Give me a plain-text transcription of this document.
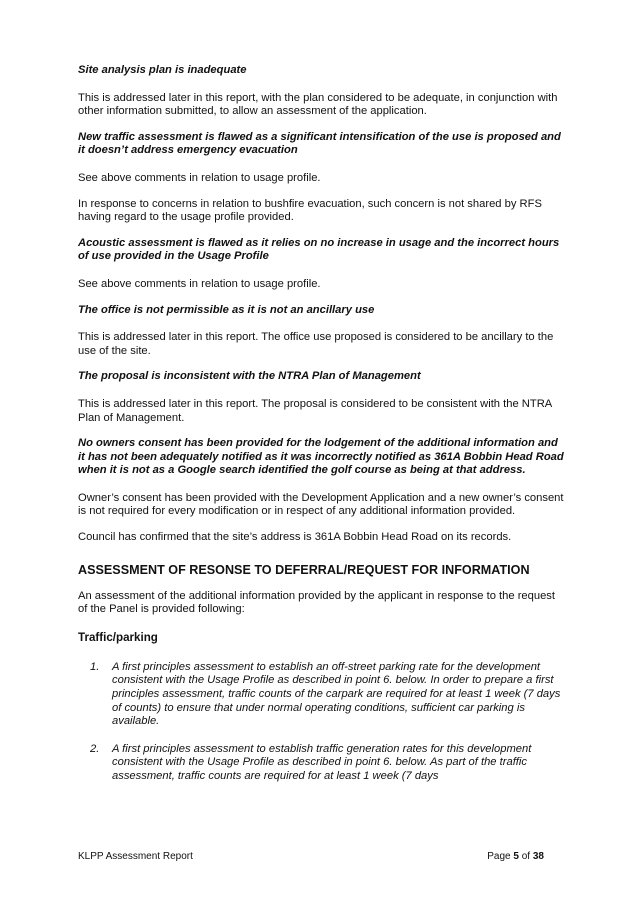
Site analysis plan is inadequate

This is addressed later in this report, with the plan considered to be adequate, in conjunction with other information submitted, to allow an assessment of the application.

New traffic assessment is flawed as a significant intensification of the use is proposed and it doesn’t address emergency evacuation

See above comments in relation to usage profile.

In response to concerns in relation to bushfire evacuation, such concern is not shared by RFS having regard to the usage profile provided.

Acoustic assessment is flawed as it relies on no increase in usage and the incorrect hours of use provided in the Usage Profile

See above comments in relation to usage profile.

The office is not permissible as it is not an ancillary use

This is addressed later in this report. The office use proposed is considered to be ancillary to the use of the site.

The proposal is inconsistent with the NTRA Plan of Management

This is addressed later in this report. The proposal is considered to be consistent with the NTRA Plan of Management.

No owners consent has been provided for the lodgement of the additional information and it has not been adequately notified as it was incorrectly notified as 361A Bobbin Head Road when it is not as a Google search identified the golf course as being at that address.

Owner’s consent has been provided with the Development Application and a new owner’s consent is not required for every modification or in respect of any additional information provided.

Council has confirmed that the site’s address is 361A Bobbin Head Road on its records.

ASSESSMENT OF RESONSE TO DEFERRAL/REQUEST FOR INFORMATION

An assessment of the additional information provided by the applicant in response to the request of the Panel is provided following:

Traffic/parking

1. A first principles assessment to establish an off-street parking rate for the development consistent with the Usage Profile as described in point 6. below. In order to prepare a first principles assessment, traffic counts of the carpark are required for at least 1 week (7 days of counts) to ensure that under normal operating conditions, sufficient car parking is available.
2. A first principles assessment to establish traffic generation rates for this development consistent with the Usage Profile as described in point 6. below. As part of the traffic assessment, traffic counts are required for at least 1 week (7 days
KLPP Assessment Report	Page 5 of 38
